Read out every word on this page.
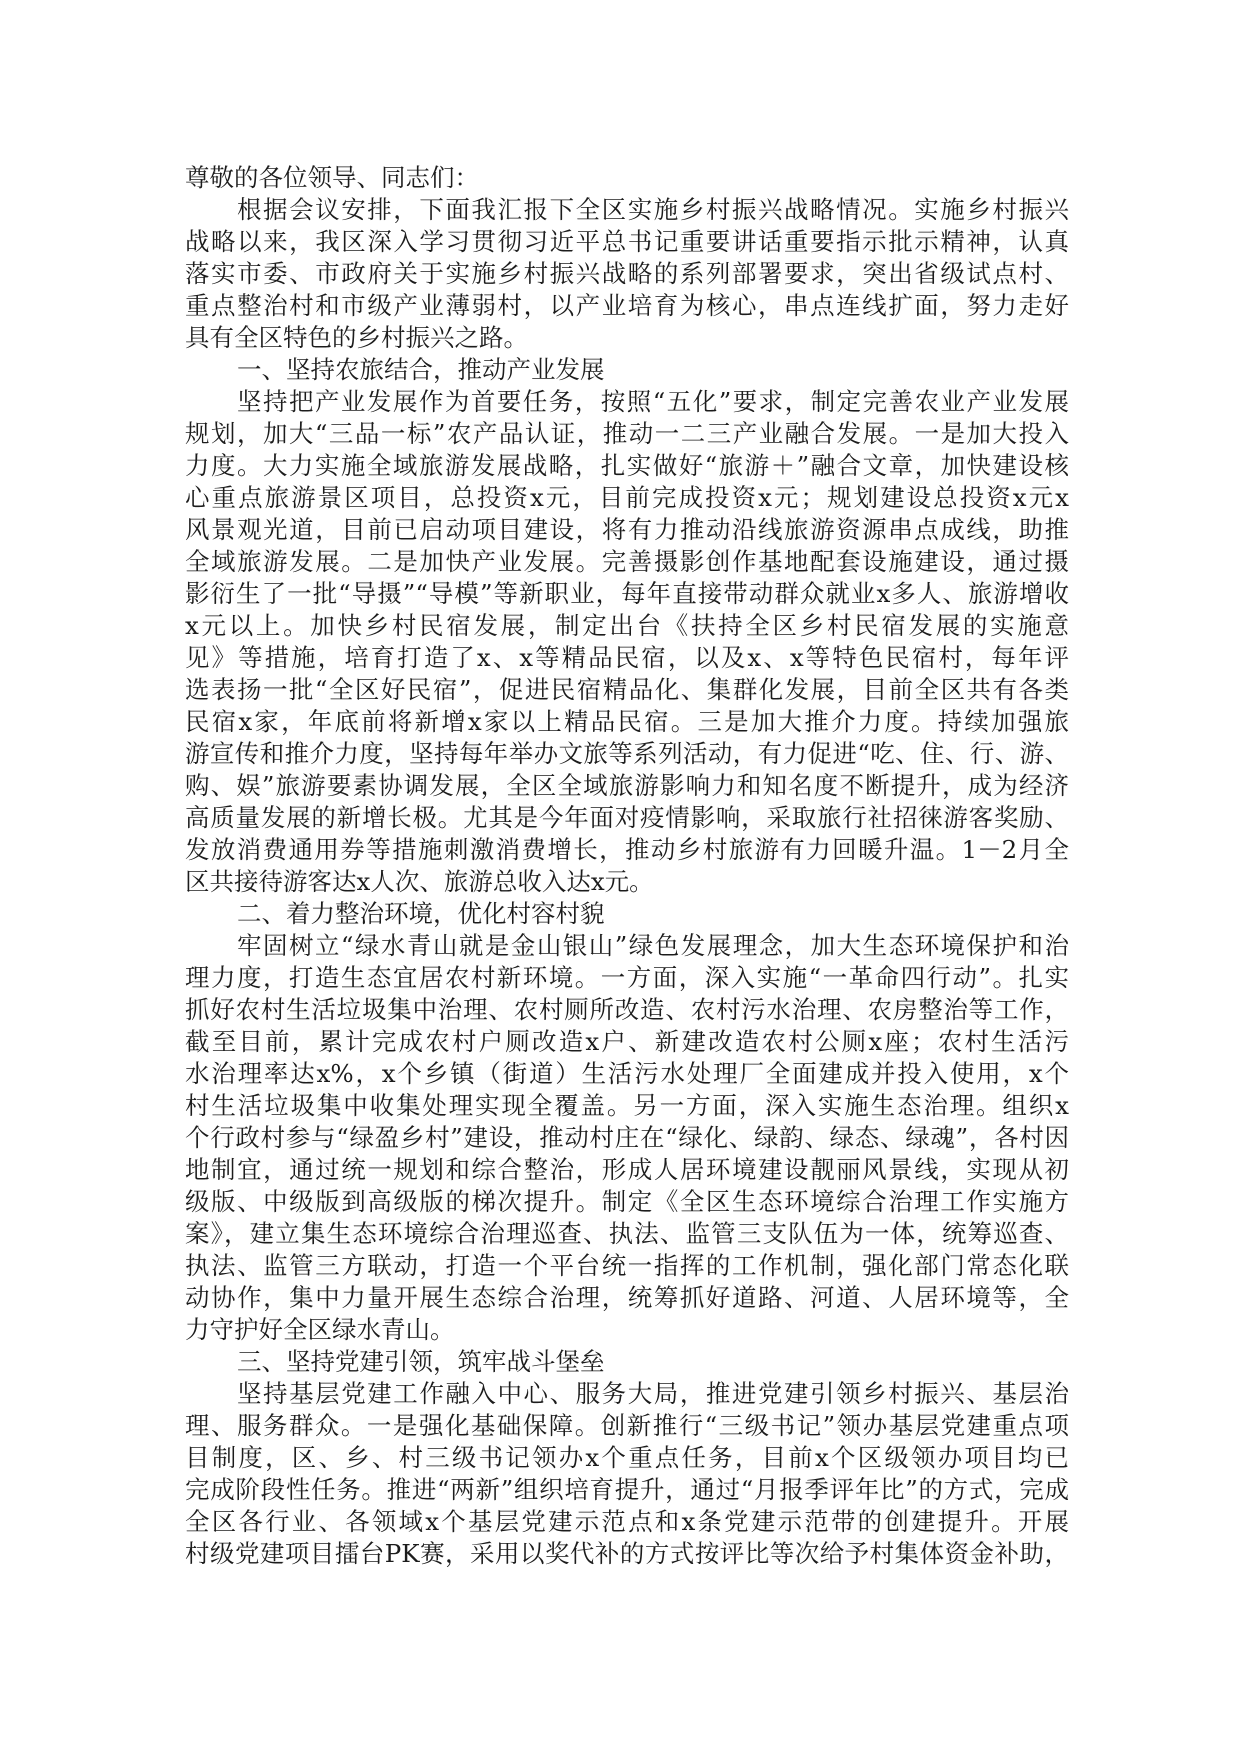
尊敬的各位领导、同志们：
根据会议安排，下面我汇报下全区实施乡村振兴战略情况。实施乡村振兴
战略以来，我区深入学习贯彻习近平总书记重要讲话重要指示批示精神，认真
落实市委、市政府关于实施乡村振兴战略的系列部署要求，突出省级试点村、
重点整治村和市级产业薄弱村，以产业培育为核心，串点连线扩面，努力走好
具有全区特色的乡村振兴之路。
一、坚持农旅结合，推动产业发展
坚持把产业发展作为首要任务，按照“五化”要求，制定完善农业产业发展
规划，加大“三品一标”农产品认证，推动一二三产业融合发展。一是加大投入
力度。大力实施全域旅游发展战略，扎实做好“旅游＋”融合文章，加快建设核
心重点旅游景区项目，总投资x元，目前完成投资x元；规划建设总投资x元x
风景观光道，目前已启动项目建设，将有力推动沿线旅游资源串点成线，助推
全域旅游发展。二是加快产业发展。完善摄影创作基地配套设施建设，通过摄
影衍生了一批“导摄”“导模”等新职业，每年直接带动群众就业x多人、旅游增收
x元以上。加快乡村民宿发展，制定出台《扶持全区乡村民宿发展的实施意
见》等措施，培育打造了x、x等精品民宿，以及x、x等特色民宿村，每年评
选表扬一批“全区好民宿”，促进民宿精品化、集群化发展，目前全区共有各类
民宿x家，年底前将新增x家以上精品民宿。三是加大推介力度。持续加强旅
游宣传和推介力度，坚持每年举办文旅等系列活动，有力促进“吃、住、行、游、
购、娱”旅游要素协调发展，全区全域旅游影响力和知名度不断提升，成为经济
高质量发展的新增长极。尤其是今年面对疫情影响，采取旅行社招徕游客奖励、
发放消费通用券等措施刺激消费增长，推动乡村旅游有力回暖升温。1－2月全
区共接待游客达x人次、旅游总收入达x元。
二、着力整治环境，优化村容村貌
牢固树立“绿水青山就是金山银山”绿色发展理念，加大生态环境保护和治
理力度，打造生态宜居农村新环境。一方面，深入实施“一革命四行动”。扎实
抓好农村生活垃圾集中治理、农村厕所改造、农村污水治理、农房整治等工作，
截至目前，累计完成农村户厕改造x户、新建改造农村公厕x座；农村生活污
水治理率达x%，x个乡镇（街道）生活污水处理厂全面建成并投入使用，x个
村生活垃圾集中收集处理实现全覆盖。另一方面，深入实施生态治理。组织x
个行政村参与“绿盈乡村”建设，推动村庄在“绿化、绿韵、绿态、绿魂”，各村因
地制宜，通过统一规划和综合整治，形成人居环境建设靓丽风景线，实现从初
级版、中级版到高级版的梯次提升。制定《全区生态环境综合治理工作实施方
案》，建立集生态环境综合治理巡查、执法、监管三支队伍为一体，统筹巡查、
执法、监管三方联动，打造一个平台统一指挥的工作机制，强化部门常态化联
动协作，集中力量开展生态综合治理，统筹抓好道路、河道、人居环境等，全
力守护好全区绿水青山。
三、坚持党建引领，筑牢战斗堡垒
坚持基层党建工作融入中心、服务大局，推进党建引领乡村振兴、基层治
理、服务群众。一是强化基础保障。创新推行“三级书记”领办基层党建重点项
目制度，区、乡、村三级书记领办x个重点任务，目前x个区级领办项目均已
完成阶段性任务。推进“两新”组织培育提升，通过“月报季评年比”的方式，完成
全区各行业、各领域x个基层党建示范点和x条党建示范带的创建提升。开展
村级党建项目擂台PK赛，采用以奖代补的方式按评比等次给予村集体资金补助，
